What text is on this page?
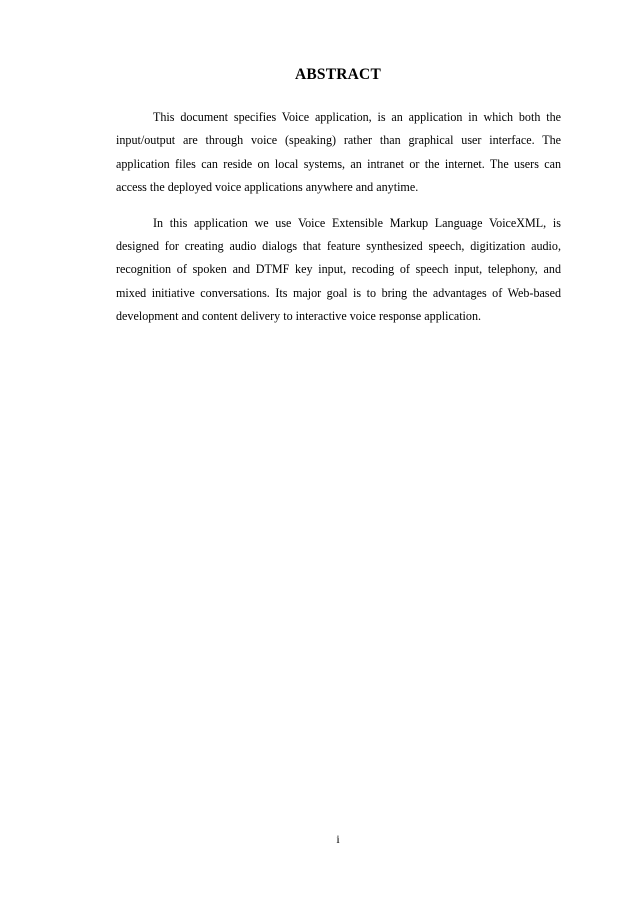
ABSTRACT

This document specifies Voice application, is an application in which both the input/output are through voice (speaking) rather than graphical user interface. The application files can reside on local systems, an intranet or the internet. The users can access the deployed voice applications anywhere and anytime.

In this application we use Voice Extensible Markup Language VoiceXML, is designed for creating audio dialogs that feature synthesized speech, digitization audio, recognition of spoken and DTMF key input, recoding of speech input, telephony, and mixed initiative conversations. Its major goal is to bring the advantages of Web-based development and content delivery to interactive voice response application.

i
